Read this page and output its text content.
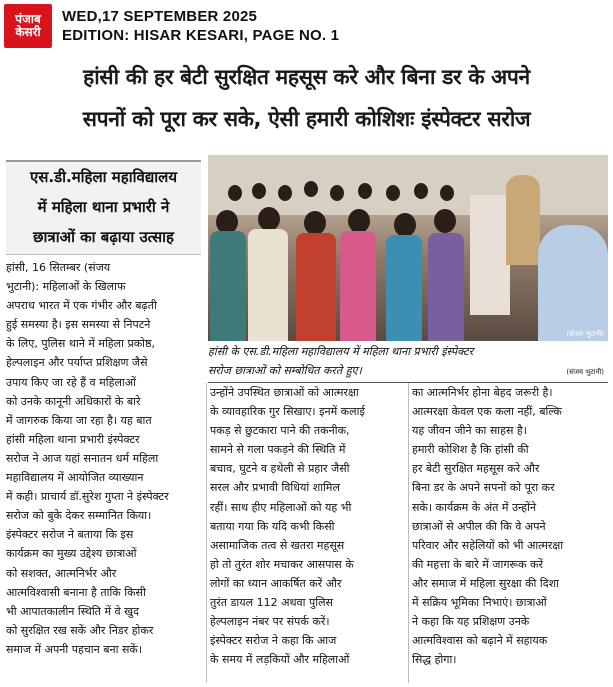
पंजाब
केसरी
WED,17 SEPTEMBER 2025
EDITION: HISAR KESARI, PAGE NO. 1
हांसी की हर बेटी सुरक्षित महसूस करे और बिना डर के अपने
सपनों को पूरा कर सके, ऐसी हमारी कोशिशः इंस्पेक्टर सरोज
एस.डी.महिला महाविद्यालय
में महिला थाना प्रभारी ने
छात्राओं का बढ़ाया उत्साह
(संजय भुटानी)
हांसी के एस.डी.महिला महाविद्यालय में महिला थाना प्रभारी इंस्पेक्टर
सरोज छात्राओं को सम्बोधित करते हुए।	(संजय भुटानी)
हांसी, 16 सितम्बर (संजय
भुटानी): महिलाओं के खिलाफ
अपराध भारत में एक गंभीर और बढ़ती
हुई समस्या है। इस समस्या से निपटने
के लिए, पुलिस थाने में महिला प्रकोष्ठ,
हेल्पलाइन और पर्याप्त प्रशिक्षण जैसे
उपाय किए जा रहे हैं व महिलाओं
को उनके कानूनी अधिकारों के बारे
में जागरुक किया जा रहा है। यह बात
हांसी महिला थाना प्रभारी इंस्पेक्टर
सरोज ने आज यहां सनातन धर्म महिला
महाविद्यालय में आयोजित व्याख्यान
में कही। प्राचार्य डॉ.सुरेश गुप्ता ने इंस्पेक्टर
सरोज को बुके देकर सम्मानित किया।
इंस्पेक्टर सरोज ने बताया कि इस
कार्यक्रम का मुख्य उद्देश्य छात्राओं
को सशक्त, आत्मनिर्भर और
आत्मविश्वासी बनाना है ताकि किसी
भी आपातकालीन स्थिति में वे खुद
को सुरक्षित रख सकें और निडर होकर
समाज में अपनी पहचान बना सकें।
उन्होंने उपस्थित छात्राओं को आत्मरक्षा
के व्यावहारिक गुर सिखाए। इनमें कलाई
पकड़ से छुटकारा पाने की तकनीक,
सामने से गला पकड़ने की स्थिति में
बचाव, घुटने व हथेली से प्रहार जैसी
सरल और प्रभावी विधियां शामिल
रहीं। साथ हीए महिलाओं को यह भी
बताया गया कि यदि कभी किसी
असामाजिक तत्व से खतरा महसूस
हो तो तुरंत शोर मचाकर आसपास के
लोगों का ध्यान आकर्षित करें और
तुरंत डायल 112 अथवा पुलिस
हेल्पलाइन नंबर पर संपर्क करें।
इंस्पेक्टर सरोज ने कहा कि आज
के समय में लड़कियों और महिलाओं
का आत्मनिर्भर होना बेहद जरूरी है।
आत्मरक्षा केवल एक कला नहीं, बल्कि
यह जीवन जीने का साहस है।
हमारी कोशिश है कि हांसी की
हर बेटी सुरक्षित महसूस करे और
बिना डर के अपने सपनों को पूरा कर
सके। कार्यक्रम के अंत में उन्होंने
छात्राओं से अपील की कि वे अपने
परिवार और सहेलियों को भी आत्मरक्षा
की महत्ता के बारे में जागरूक करें
और समाज में महिला सुरक्षा की दिशा
में सक्रिय भूमिका निभाएं। छात्राओं
ने कहा कि यह प्रशिक्षण उनके
आत्मविश्वास को बढ़ाने में सहायक
सिद्ध होगा।
